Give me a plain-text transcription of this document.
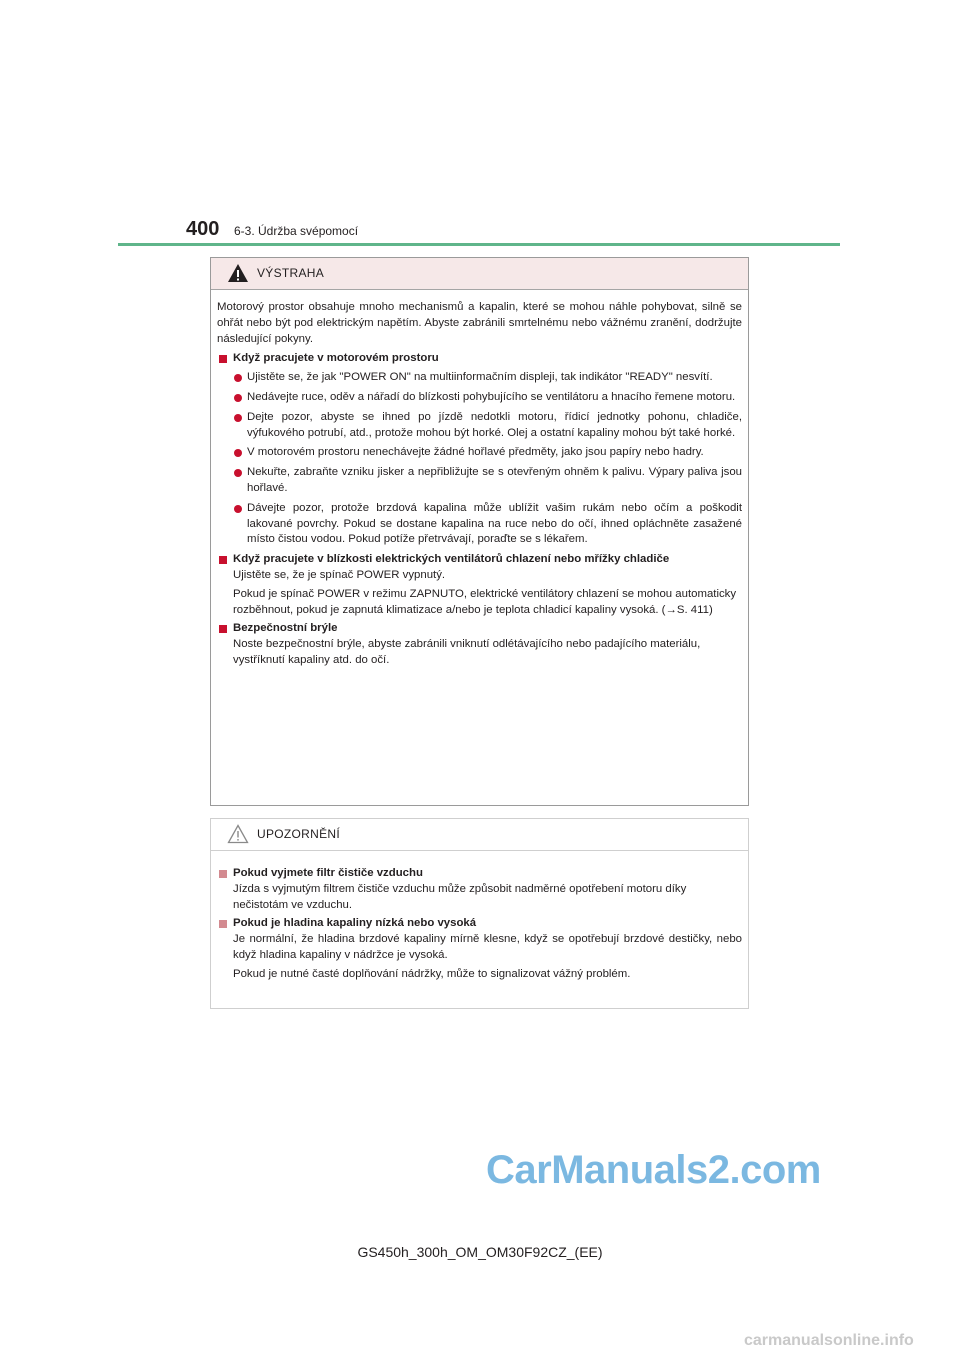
400 6-3. Údržba svépomocí
VÝSTRAHA
Motorový prostor obsahuje mnoho mechanismů a kapalin, které se mohou náhle pohybovat, silně se ohřát nebo být pod elektrickým napětím. Abyste zabránili smrtelnému nebo vážnému zranění, dodržujte následující pokyny.
Když pracujete v motorovém prostoru
Ujistěte se, že jak "POWER ON" na multiinformačním displeji, tak indikátor "READY" nesvítí.
Nedávejte ruce, oděv a nářadí do blízkosti pohybujícího se ventilátoru a hnacího řemene motoru.
Dejte pozor, abyste se ihned po jízdě nedotkli motoru, řídicí jednotky pohonu, chladiče, výfukového potrubí, atd., protože mohou být horké. Olej a ostatní kapaliny mohou být také horké.
V motorovém prostoru nenechávejte žádné hořlavé předměty, jako jsou papíry nebo hadry.
Nekuřte, zabraňte vzniku jisker a nepřibližujte se s otevřeným ohněm k palivu. Výpary paliva jsou hořlavé.
Dávejte pozor, protože brzdová kapalina může ublížit vašim rukám nebo očím a poškodit lakované povrchy. Pokud se dostane kapalina na ruce nebo do očí, ihned opláchněte zasažené místo čistou vodou. Pokud potíže přetrvávají, poraďte se s lékařem.
Když pracujete v blízkosti elektrických ventilátorů chlazení nebo mřížky chladiče
Ujistěte se, že je spínač POWER vypnutý.
Pokud je spínač POWER v režimu ZAPNUTO, elektrické ventilátory chlazení se mohou automaticky rozběhnout, pokud je zapnutá klimatizace a/nebo je teplota chladicí kapaliny vysoká. (→S. 411)
Bezpečnostní brýle
Noste bezpečnostní brýle, abyste zabránili vniknutí odlétávajícího nebo padajícího materiálu, vystříknutí kapaliny atd. do očí.
UPOZORNĚNÍ
Pokud vyjmete filtr čističe vzduchu
Jízda s vyjmutým filtrem čističe vzduchu může způsobit nadměrné opotřebení motoru díky nečistotám ve vzduchu.
Pokud je hladina kapaliny nízká nebo vysoká
Je normální, že hladina brzdové kapaliny mírně klesne, když se opotřebují brzdové destičky, nebo když hladina kapaliny v nádržce je vysoká.
Pokud je nutné časté doplňování nádržky, může to signalizovat vážný problém.
CarManuals2.com
GS450h_300h_OM_OM30F92CZ_(EE)
carmanualsonline.info
